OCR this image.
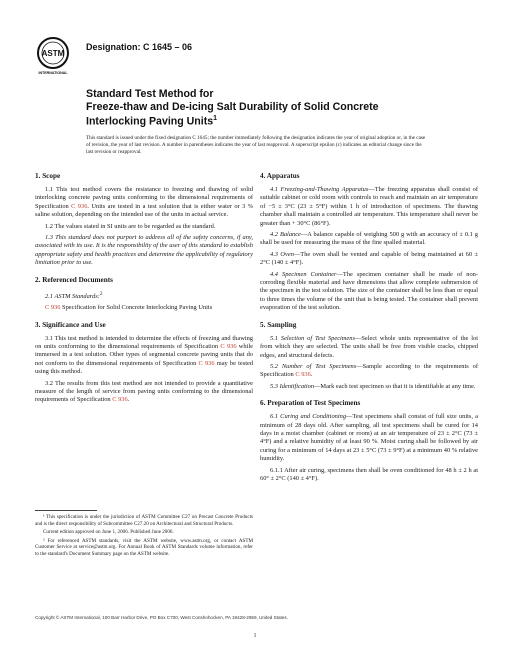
ASTM
INTERNATIONAL
Designation: C 1645 – 06
Standard Test Method for
Freeze-thaw and De-icing Salt Durability of Solid Concrete
Interlocking Paving Units$^1$
This standard is issued under the fixed designation C 1645; the number immediately following the designation indicates the year of original adoption or, in the case of revision, the year of last revision. A number in parentheses indicates the year of last reapproval. A superscript epsilon (ε) indicates an editorial change since the last revision or reapproval.
1. Scope

1.1 This test method covers the resistance to freezing and thawing of solid interlocking concrete paving units conforming to the dimensional requirements of Specification C 936. Units are tested in a test solution that is either water or 3 % saline solution, depending on the intended use of the units in actual service.

1.2 The values stated in SI units are to be regarded as the standard.

1.3 This standard does not purport to address all of the safety concerns, if any, associated with its use. It is the responsibility of the user of this standard to establish appropriate safety and health practices and determine the applicability of regulatory limitation prior to use.

2. Referenced Documents

2.1 ASTM Standards:$^2$

C 936 Specification for Solid Concrete Interlocking Paving Units

3. Significance and Use

3.1 This test method is intended to determine the effects of freezing and thawing on units conforming to the dimensional requirements of Specification C 936 while immersed in a test solution. Other types of segmental concrete paving units that do not conform to the dimensional requirements of Specification C 936 may be tested using this method.

3.2 The results from this test method are not intended to provide a quantitative measure of the length of service from paving units conforming to the dimensional requirements of Specification C 936.

¹ This specification is under the jurisdiction of ASTM Committee C27 on Precast Concrete Products and is the direct responsibility of Subcommittee C27.20 on Architectural and Structural Products.

Current edition approved on June 1, 2006. Published June 2006.

² For referenced ASTM standards, visit the ASTM website, www.astm.org, or contact ASTM Customer Service at service@astm.org. For Annual Book of ASTM Standards volume information, refer to the standard's Document Summary page on the ASTM website.

4. Apparatus

4.1 Freezing-and-Thawing Apparatus—The freezing apparatus shall consist of suitable cabinet or cold room with controls to reach and maintain an air temperature of −5 ± 3°C (23 ± 5°F) within 1 h of introduction of specimens. The thawing chamber shall maintain a controlled air temperature. This temperature shall never be greater than + 30°C (86°F).

4.2 Balance—A balance capable of weighing 500 g with an accuracy of ± 0.1 g shall be used for measuring the mass of the fine spalled material.

4.3 Oven—The oven shall be vented and capable of being maintained at 60 ± 2°C (140 ± 4°F).

4.4 Specimen Container—The specimen container shall be made of non-corroding flexible material and have dimensions that allow complete submersion of the specimen in the test solution. The size of the container shall be less than or equal to three times the volume of the unit that is being tested. The container shall prevent evaporation of the test solution.

5. Sampling

5.1 Selection of Test Specimens—Select whole units representative of the lot from which they are selected. The units shall be free from visible cracks, chipped edges, and structural defects.

5.2 Number of Test Specimens—Sample according to the requirements of Specification C 936.

5.3 Identification—Mark each test specimen so that it is identifiable at any time.

6. Preparation of Test Specimens

6.1 Curing and Conditioning—Test specimens shall consist of full size units, a minimum of 28 days old. After sampling, all test specimens shall be cured for 14 days in a moist chamber (cabinet or room) at an air temperature of 23 ± 2°C (73 ± 4°F) and a relative humidity of at least 90 %. Moist curing shall be followed by air curing for a minimum of 14 days at 23 ± 5°C (73 ± 9°F) at a minimum 40 % relative humidity.

6.1.1 After air curing, specimens then shall be oven conditioned for 48 h ± 2 h at 60° ± 2°C (140 ± 4°F).

Copyright © ASTM International, 100 Barr Harbor Drive, PO Box C700, West Conshohocken, PA 19428-2959, United States.
1
